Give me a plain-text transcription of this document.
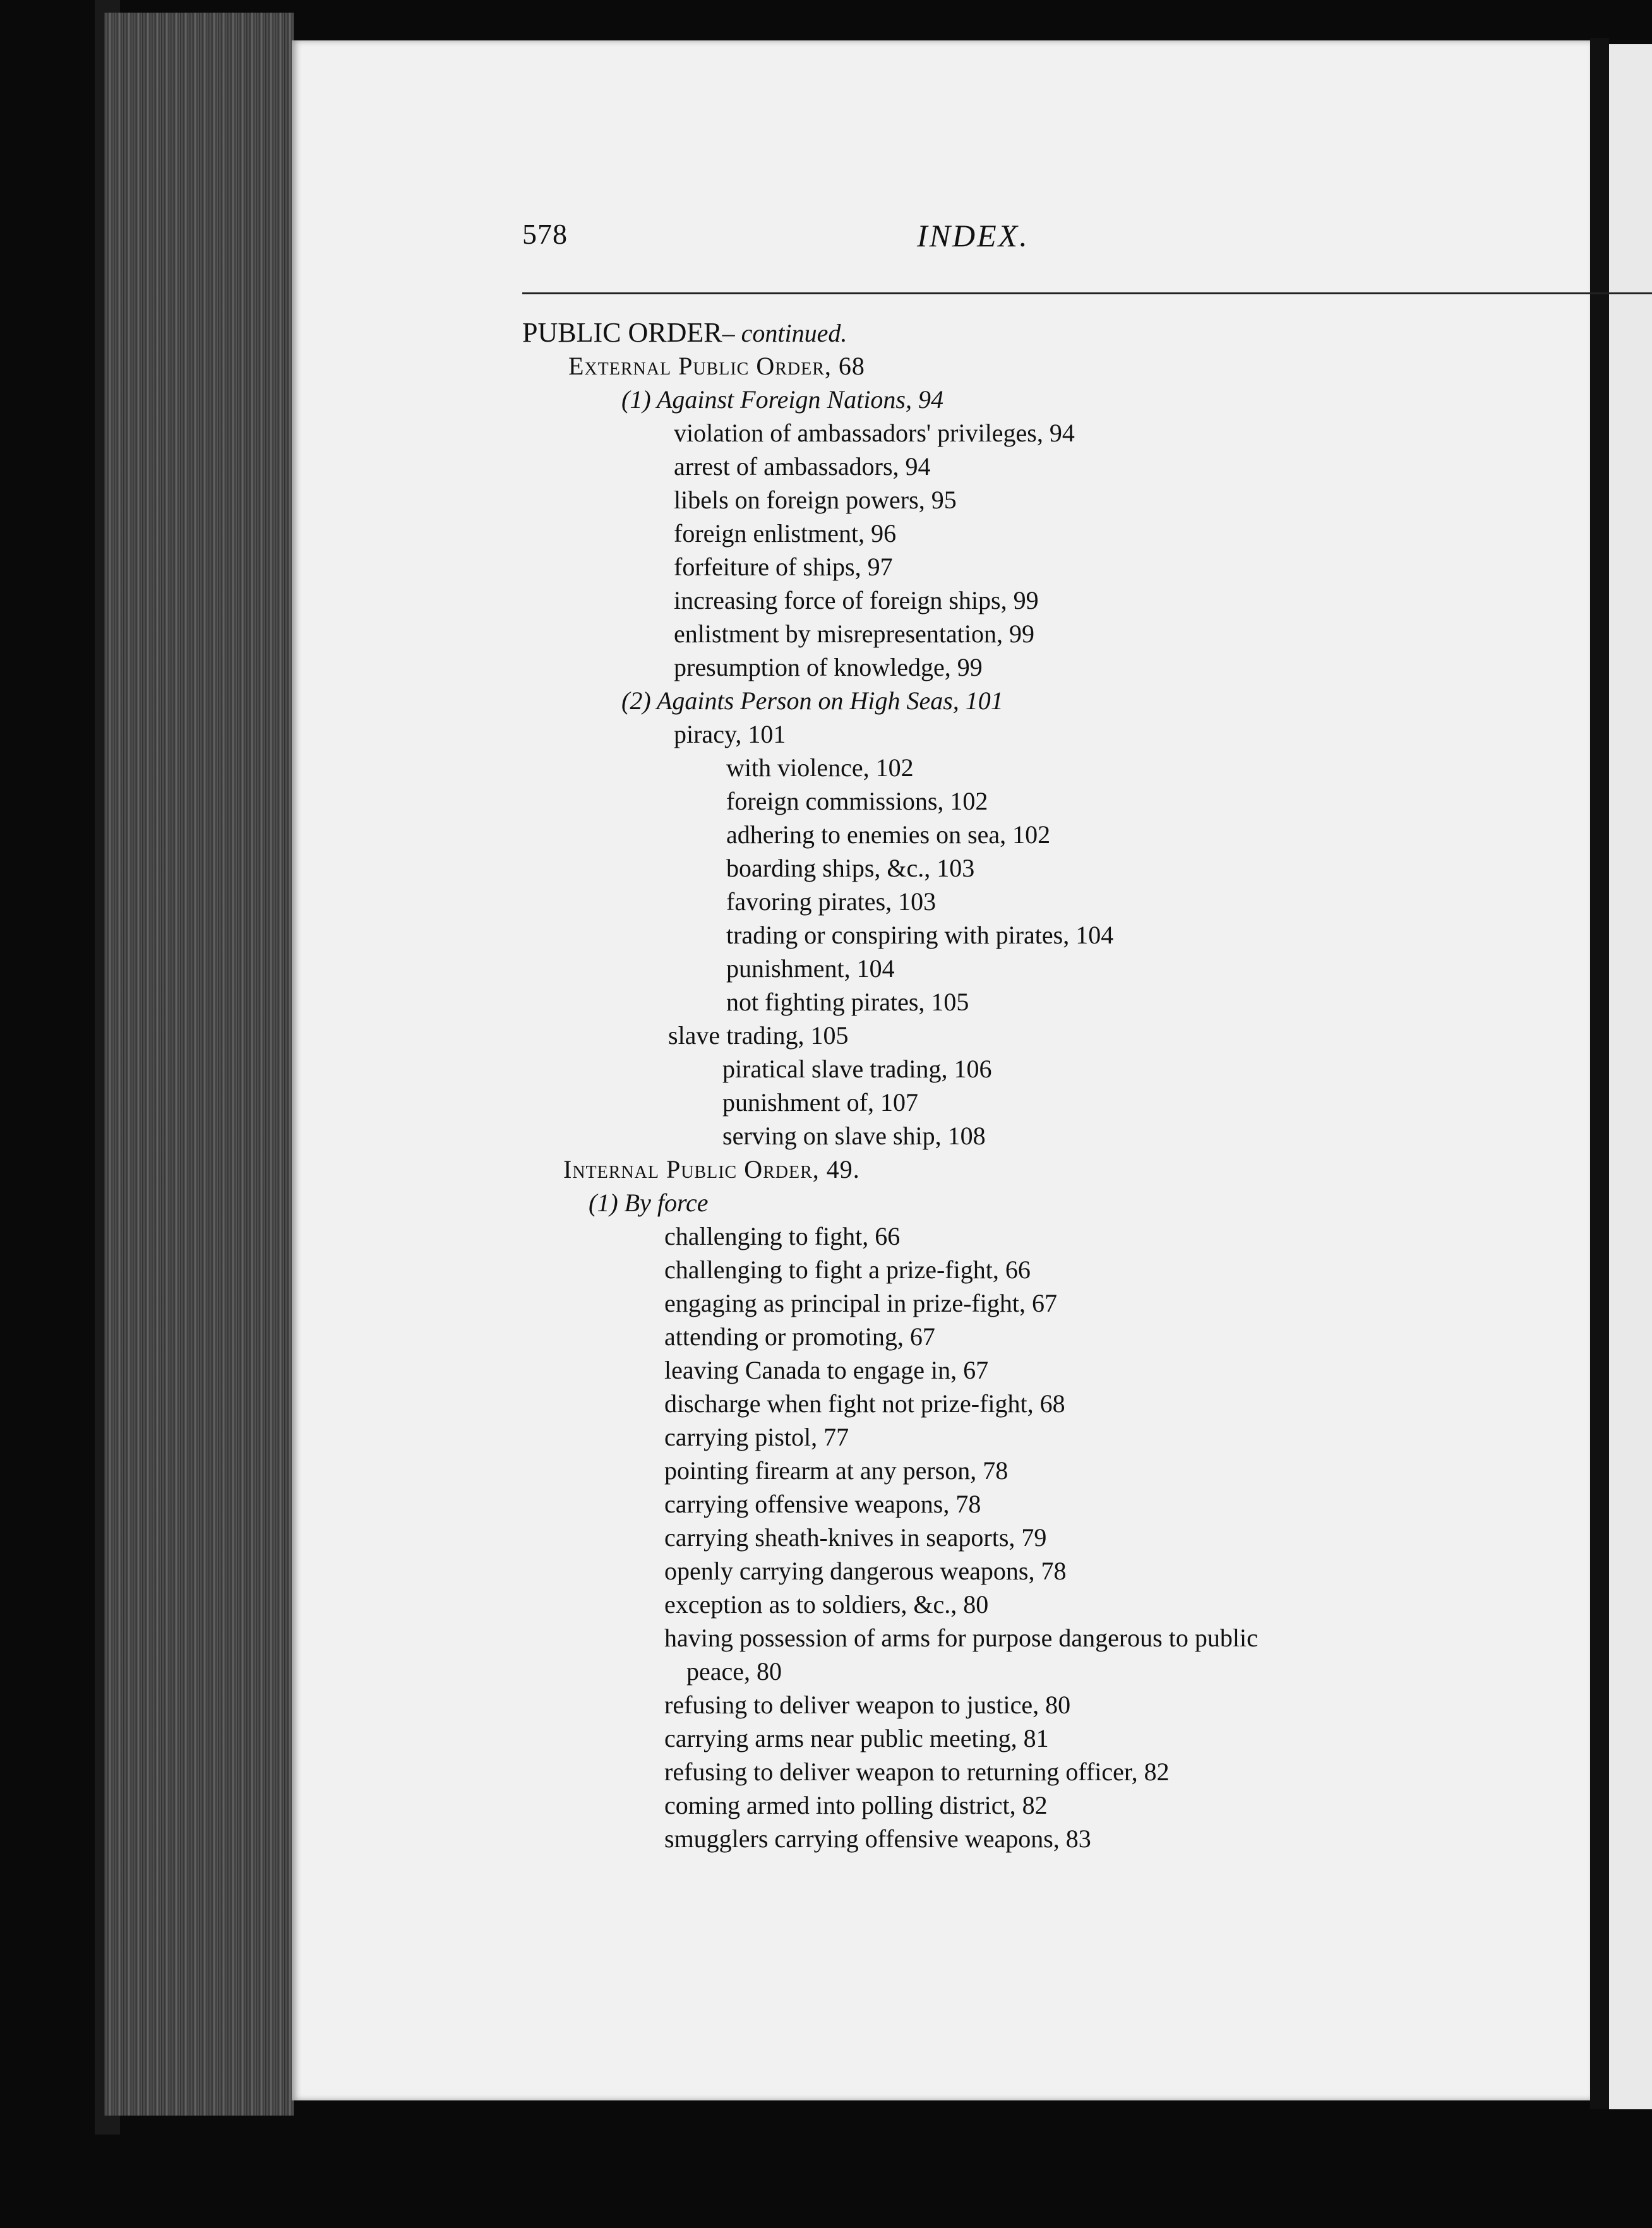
578	INDEX.
PUBLIC ORDER– continued.
External Public Order, 68
(1) Against Foreign Nations, 94
violation of ambassadors' privileges, 94
arrest of ambassadors, 94
libels on foreign powers, 95
foreign enlistment, 96
forfeiture of ships, 97
increasing force of foreign ships, 99
enlistment by misrepresentation, 99
presumption of knowledge, 99
(2) Againts Person on High Seas, 101
piracy, 101
with violence, 102
foreign commissions, 102
adhering to enemies on sea, 102
boarding ships, &c., 103
favoring pirates, 103
trading or conspiring with pirates, 104
punishment, 104
not fighting pirates, 105
slave trading, 105
piratical slave trading, 106
punishment of, 107
serving on slave ship, 108
Internal Public Order, 49.
(1) By force
challenging to fight, 66
challenging to fight a prize-fight, 66
engaging as principal in prize-fight, 67
attending or promoting, 67
leaving Canada to engage in, 67
discharge when fight not prize-fight, 68
carrying pistol, 77
pointing firearm at any person, 78
carrying offensive weapons, 78
carrying sheath-knives in seaports, 79
openly carrying dangerous weapons, 78
exception as to soldiers, &c., 80
having possession of arms for purpose dangerous to public
peace, 80
refusing to deliver weapon to justice, 80
carrying arms near public meeting, 81
refusing to deliver weapon to returning officer, 82
coming armed into polling district, 82
smugglers carrying offensive weapons, 83
